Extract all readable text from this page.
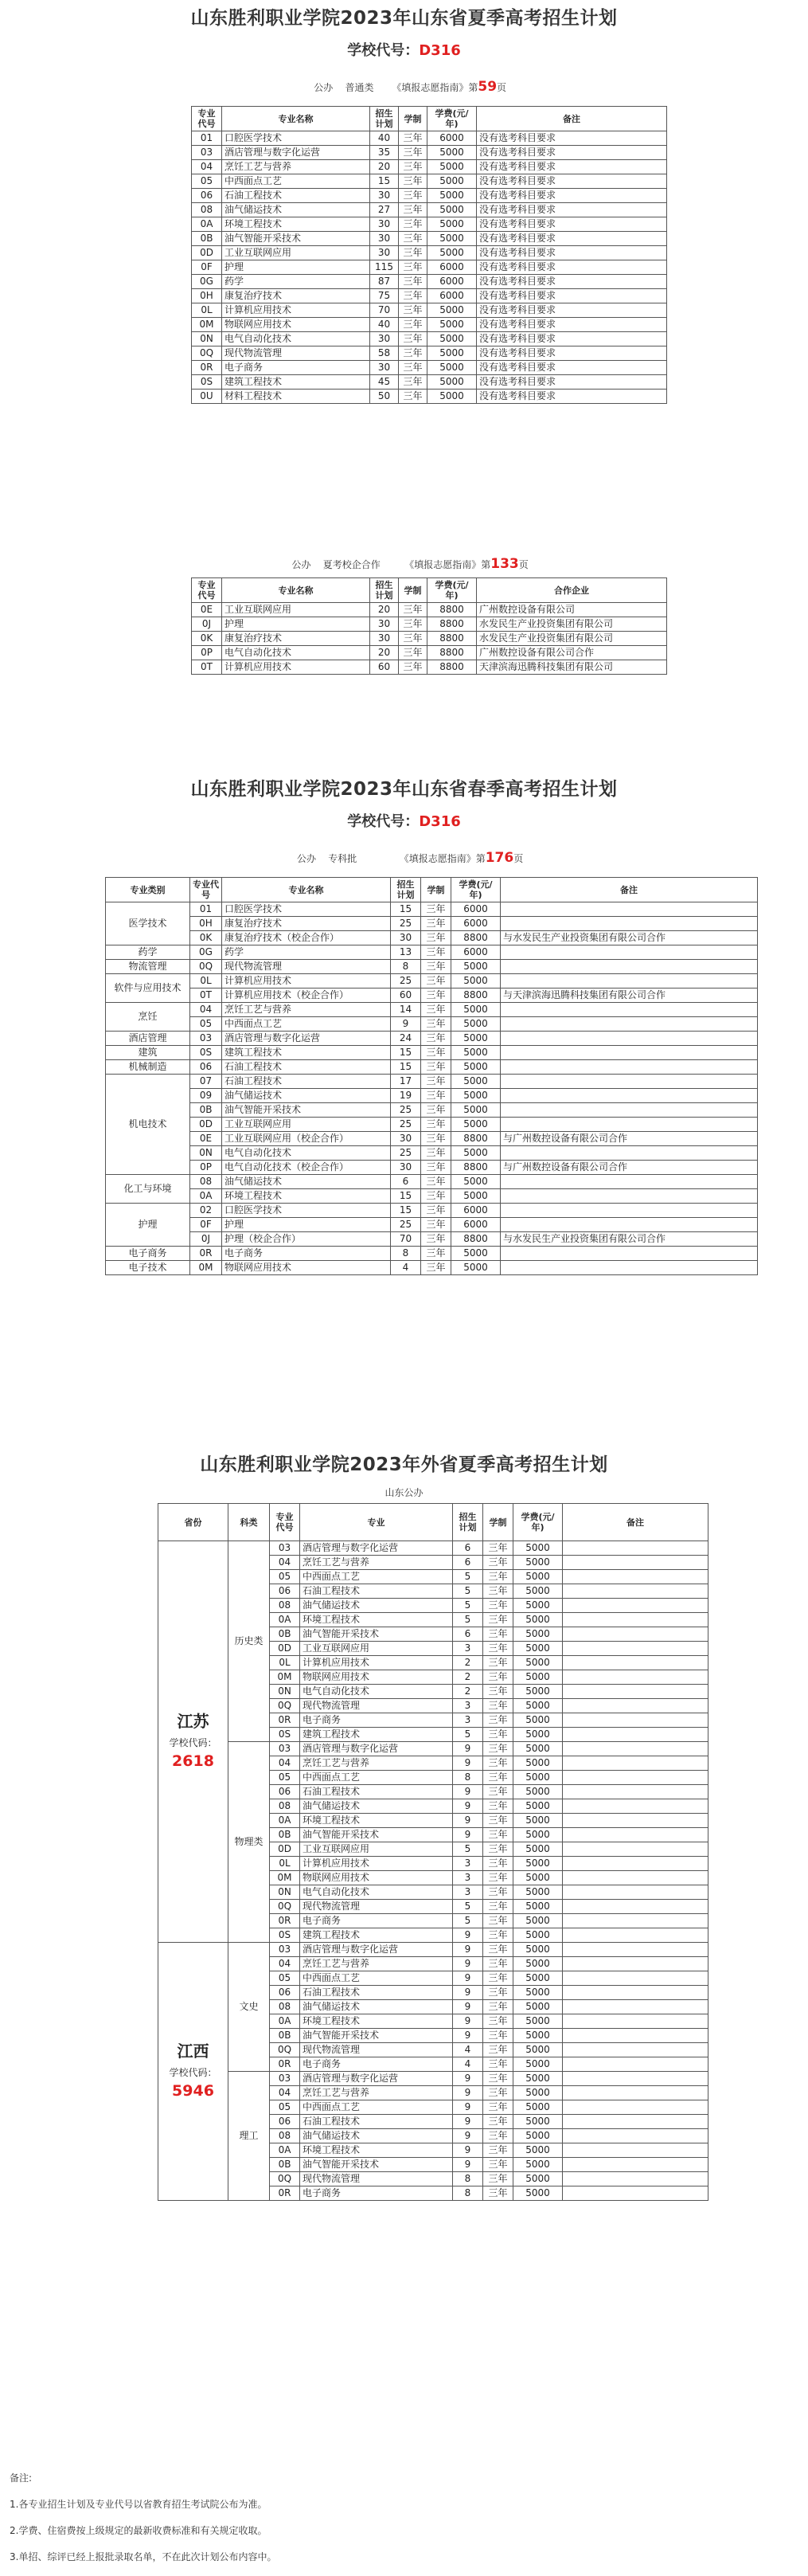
山东胜利职业学院2023年山东省夏季高考招生计划
学校代号：D316

公办    普通类      《填报志愿指南》第59页

专业代号	专业名称	招生计划	学制	学费(元/年)	备注
01	口腔医学技术	40	三年	6000	没有选考科目要求
03	酒店管理与数字化运营	35	三年	5000	没有选考科目要求
04	烹饪工艺与营养	20	三年	5000	没有选考科目要求
05	中西面点工艺	15	三年	5000	没有选考科目要求
06	石油工程技术	30	三年	5000	没有选考科目要求
08	油气储运技术	27	三年	5000	没有选考科目要求
0A	环境工程技术	30	三年	5000	没有选考科目要求
0B	油气智能开采技术	30	三年	5000	没有选考科目要求
0D	工业互联网应用	30	三年	5000	没有选考科目要求
0F	护理	115	三年	6000	没有选考科目要求
0G	药学	87	三年	6000	没有选考科目要求
0H	康复治疗技术	75	三年	6000	没有选考科目要求
0L	计算机应用技术	70	三年	5000	没有选考科目要求
0M	物联网应用技术	40	三年	5000	没有选考科目要求
0N	电气自动化技术	30	三年	5000	没有选考科目要求
0Q	现代物流管理	58	三年	5000	没有选考科目要求
0R	电子商务	30	三年	5000	没有选考科目要求
0S	建筑工程技术	45	三年	5000	没有选考科目要求
0U	材料工程技术	50	三年	5000	没有选考科目要求

公办    夏考校企合作        《填报志愿指南》第133页

专业代号	专业名称	招生计划	学制	学费(元/年)	合作企业
0E	工业互联网应用	20	三年	8800	广州数控设备有限公司
0J	护理	30	三年	8800	水发民生产业投资集团有限公司
0K	康复治疗技术	30	三年	8800	水发民生产业投资集团有限公司
0P	电气自动化技术	20	三年	8800	广州数控设备有限公司合作
0T	计算机应用技术	60	三年	8800	天津滨海迅腾科技集团有限公司
山东胜利职业学院2023年山东省春季高考招生计划
学校代号：D316

公办    专科批              《填报志愿指南》第176页

专业类别	专业代号	专业名称	招生计划	学制	学费(元/年)	备注
医学技术	01	口腔医学技术	15	三年	6000	
	0H	康复治疗技术	25	三年	6000	
	0K	康复治疗技术（校企合作）	30	三年	8800	与水发民生产业投资集团有限公司合作
药学	0G	药学	13	三年	6000	
物流管理	0Q	现代物流管理	8	三年	5000	
软件与应用技术	0L	计算机应用技术	25	三年	5000	
	0T	计算机应用技术（校企合作）	60	三年	8800	与天津滨海迅腾科技集团有限公司合作
烹饪	04	烹饪工艺与营养	14	三年	5000	
	05	中西面点工艺	9	三年	5000	
酒店管理	03	酒店管理与数字化运营	24	三年	5000	
建筑	0S	建筑工程技术	15	三年	5000	
机械制造	06	石油工程技术	15	三年	5000	
机电技术	07	石油工程技术	17	三年	5000	
	09	油气储运技术	19	三年	5000	
	0B	油气智能开采技术	25	三年	5000	
	0D	工业互联网应用	25	三年	5000	
	0E	工业互联网应用（校企合作）	30	三年	8800	与广州数控设备有限公司合作
	0N	电气自动化技术	25	三年	5000	
	0P	电气自动化技术（校企合作）	30	三年	8800	与广州数控设备有限公司合作
化工与环境	08	油气储运技术	6	三年	5000	
	0A	环境工程技术	15	三年	5000	
护理	02	口腔医学技术	15	三年	6000	
	0F	护理	25	三年	6000	
	0J	护理（校企合作）	70	三年	8800	与水发民生产业投资集团有限公司合作
电子商务	0R	电子商务	8	三年	5000	
电子技术	0M	物联网应用技术	4	三年	5000	
山东胜利职业学院2023年外省夏季高考招生计划
山东公办
省份	科类	专业代号	专业	招生计划	学制	学费(元/年)	备注

江苏
学校代码：
2618	历史类	03	酒店管理与数字化运营	6	三年	5000	
		04	烹饪工艺与营养	6	三年	5000	
		05	中西面点工艺	5	三年	5000	
		06	石油工程技术	5	三年	5000	
		08	油气储运技术	5	三年	5000	
		0A	环境工程技术	5	三年	5000	
		0B	油气智能开采技术	6	三年	5000	
		0D	工业互联网应用	3	三年	5000	
		0L	计算机应用技术	2	三年	5000	
		0M	物联网应用技术	2	三年	5000	
		0N	电气自动化技术	2	三年	5000	
		0Q	现代物流管理	3	三年	5000	
		0R	电子商务	3	三年	5000	
		0S	建筑工程技术	5	三年	5000	
	物理类	03	酒店管理与数字化运营	9	三年	5000	
		04	烹饪工艺与营养	9	三年	5000	
		05	中西面点工艺	8	三年	5000	
		06	石油工程技术	9	三年	5000	
		08	油气储运技术	9	三年	5000	
		0A	环境工程技术	9	三年	5000	
		0B	油气智能开采技术	9	三年	5000	
		0D	工业互联网应用	5	三年	5000	
		0L	计算机应用技术	3	三年	5000	
		0M	物联网应用技术	3	三年	5000	
		0N	电气自动化技术	3	三年	5000	
		0Q	现代物流管理	5	三年	5000	
		0R	电子商务	5	三年	5000	
		0S	建筑工程技术	9	三年	5000	

江西
学校代码：
5946	文史	03	酒店管理与数字化运营	9	三年	5000	
		04	烹饪工艺与营养	9	三年	5000	
		05	中西面点工艺	9	三年	5000	
		06	石油工程技术	9	三年	5000	
		08	油气储运技术	9	三年	5000	
		0A	环境工程技术	9	三年	5000	
		0B	油气智能开采技术	9	三年	5000	
		0Q	现代物流管理	4	三年	5000	
		0R	电子商务	4	三年	5000	
	理工	03	酒店管理与数字化运营	9	三年	5000	
		04	烹饪工艺与营养	9	三年	5000	
		05	中西面点工艺	9	三年	5000	
		06	石油工程技术	9	三年	5000	
		08	油气储运技术	9	三年	5000	
		0A	环境工程技术	9	三年	5000	
		0B	油气智能开采技术	9	三年	5000	
		0Q	现代物流管理	8	三年	5000	
		0R	电子商务	8	三年	5000	
备注:
1.各专业招生计划及专业代号以省教育招生考试院公布为准。
2.学费、住宿费按上级规定的最新收费标准和有关规定收取。
3.单招、综评已经上报批录取名单，不在此次计划公布内容中。
